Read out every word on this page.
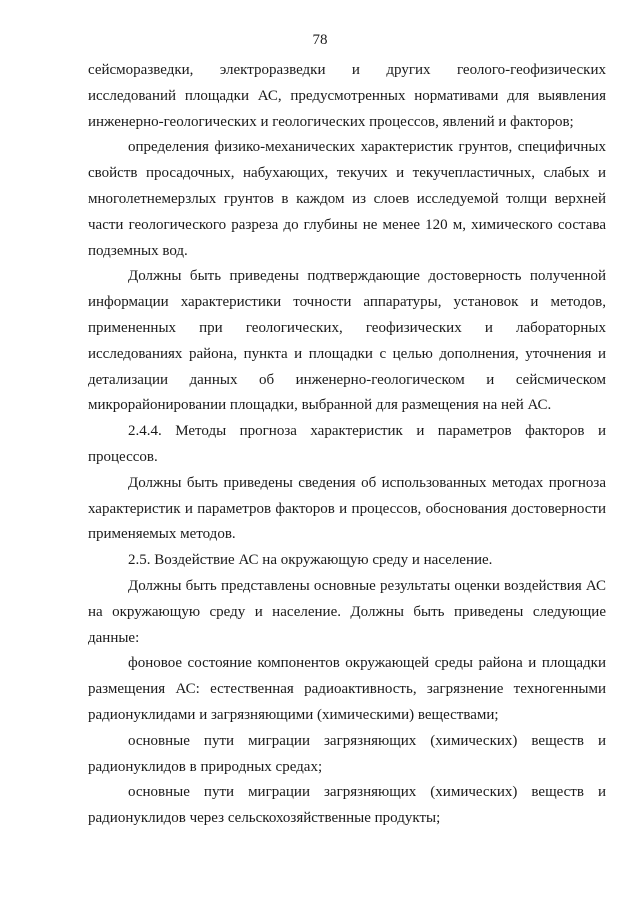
78
сейсморазведки, электроразведки и других геолого-геофизических
исследований площадки АС, предусмотренных нормативами для выявления
инженерно-геологических и геологических процессов, явлений и факторов;
определения физико-механических характеристик грунтов, специфичных
свойств просадочных, набухающих, текучих и текучепластичных, слабых и
многолетнемерзлых грунтов в каждом из слоев исследуемой толщи верхней
части геологического разреза до глубины не менее 120 м, химического состава
подземных вод.
Должны быть приведены подтверждающие достоверность полученной
информации характеристики точности аппаратуры, установок и методов,
примененных при геологических, геофизических и лабораторных
исследованиях района, пункта и площадки с целью дополнения, уточнения и
детализации данных об инженерно-геологическом и сейсмическом
микрорайонировании площадки, выбранной для размещения на ней АС.
2.4.4. Методы прогноза характеристик и параметров факторов и
процессов.
Должны быть приведены сведения об использованных методах прогноза
характеристик и параметров факторов и процессов, обоснования достоверности
применяемых методов.
2.5. Воздействие АС на окружающую среду и население.
Должны быть представлены основные результаты оценки воздействия АС
на окружающую среду и население. Должны быть приведены следующие
данные:
фоновое состояние компонентов окружающей среды района и площадки
размещения АС: естественная радиоактивность, загрязнение техногенными
радионуклидами и загрязняющими (химическими) веществами;
основные пути миграции загрязняющих (химических) веществ и
радионуклидов в природных средах;
основные пути миграции загрязняющих (химических) веществ и
радионуклидов через сельскохозяйственные продукты;
